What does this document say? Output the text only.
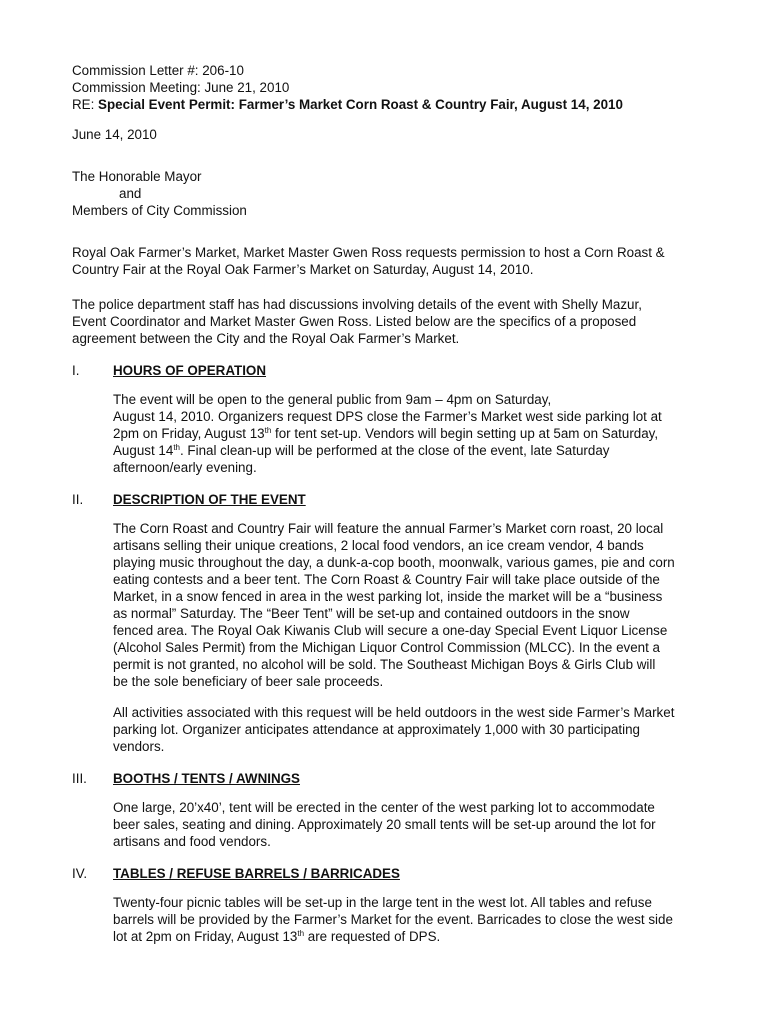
Commission Letter #: 206-10
Commission Meeting: June 21, 2010
RE: Special Event Permit: Farmer’s Market Corn Roast & Country Fair, August 14, 2010
June 14, 2010
The Honorable Mayor
and
Members of City Commission
Royal Oak Farmer’s Market, Market Master Gwen Ross requests permission to host a Corn Roast &
Country Fair at the Royal Oak Farmer’s Market on Saturday, August 14, 2010.
The police department staff has had discussions involving details of the event with Shelly Mazur,
Event Coordinator and Market Master Gwen Ross. Listed below are the specifics of a proposed
agreement between the City and the Royal Oak Farmer’s Market.
I.	HOURS OF OPERATION
The event will be open to the general public from 9am – 4pm on Saturday,
August 14, 2010. Organizers request DPS close the Farmer’s Market west side parking lot at
2pm on Friday, August 13th for tent set-up. Vendors will begin setting up at 5am on Saturday,
August 14th. Final clean-up will be performed at the close of the event, late Saturday
afternoon/early evening.
II.	DESCRIPTION OF THE EVENT
The Corn Roast and Country Fair will feature the annual Farmer’s Market corn roast, 20 local
artisans selling their unique creations, 2 local food vendors, an ice cream vendor, 4 bands
playing music throughout the day, a dunk-a-cop booth, moonwalk, various games, pie and corn
eating contests and a beer tent. The Corn Roast & Country Fair will take place outside of the
Market, in a snow fenced in area in the west parking lot, inside the market will be a “business
as normal” Saturday. The “Beer Tent” will be set-up and contained outdoors in the snow
fenced area. The Royal Oak Kiwanis Club will secure a one-day Special Event Liquor License
(Alcohol Sales Permit) from the Michigan Liquor Control Commission (MLCC). In the event a
permit is not granted, no alcohol will be sold. The Southeast Michigan Boys & Girls Club will
be the sole beneficiary of beer sale proceeds.
All activities associated with this request will be held outdoors in the west side Farmer’s Market
parking lot. Organizer anticipates attendance at approximately 1,000 with 30 participating
vendors.
III.	BOOTHS / TENTS / AWNINGS
One large, 20’x40’, tent will be erected in the center of the west parking lot to accommodate
beer sales, seating and dining. Approximately 20 small tents will be set-up around the lot for
artisans and food vendors.
IV.	TABLES / REFUSE BARRELS / BARRICADES
Twenty-four picnic tables will be set-up in the large tent in the west lot. All tables and refuse
barrels will be provided by the Farmer’s Market for the event. Barricades to close the west side
lot at 2pm on Friday, August 13th are requested of DPS.
